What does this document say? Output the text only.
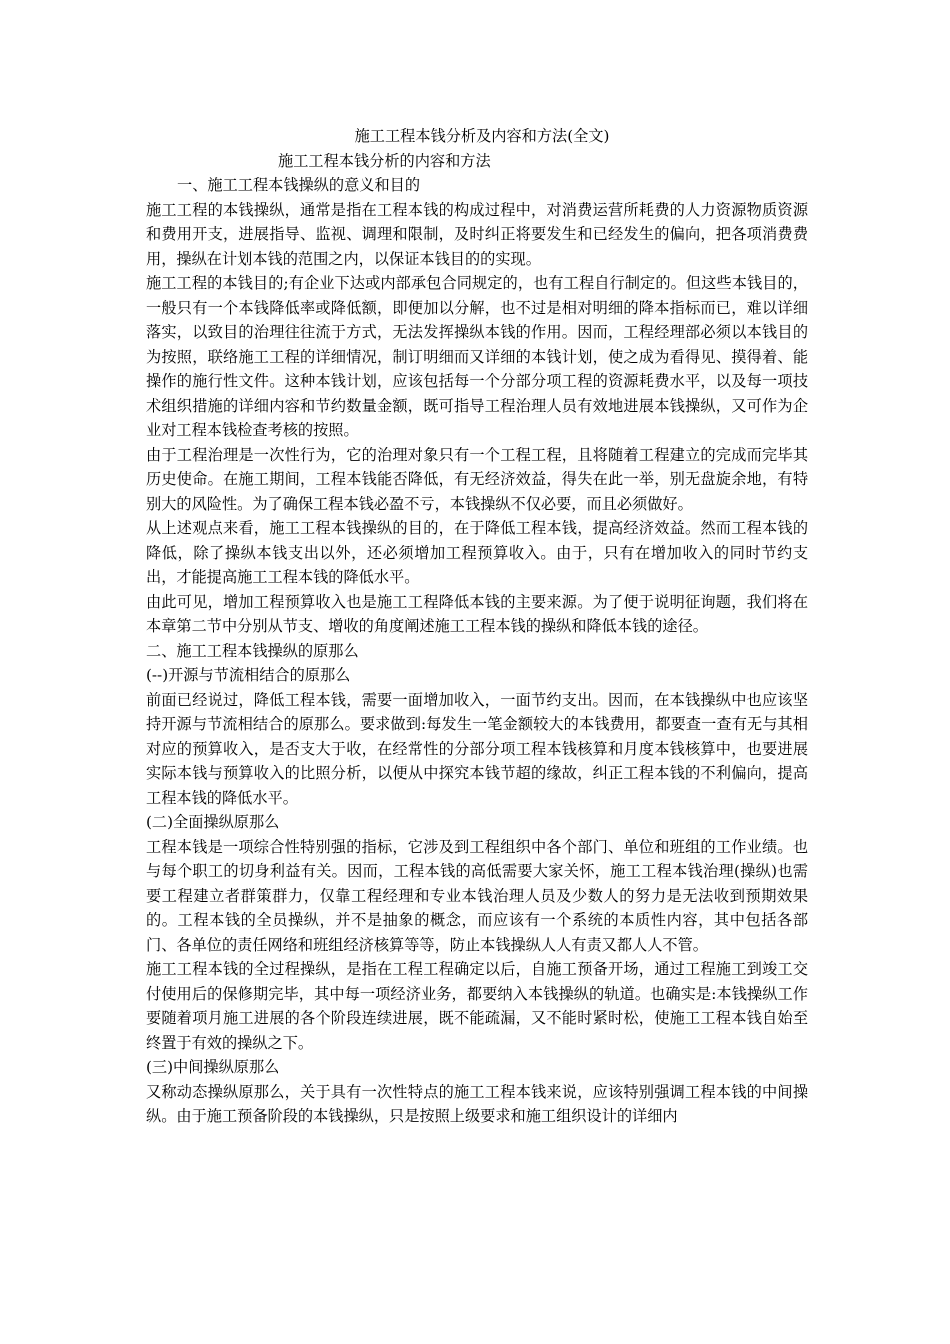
施工工程本钱分析及内容和方法(全文)
施工工程本钱分析的内容和方法
一、施工工程本钱操纵的意义和目的
施工工程的本钱操纵，通常是指在工程本钱的构成过程中，对消费运营所耗费的人力资源物质资源和费用开支，进展指导、监视、调理和限制，及时纠正将要发生和已经发生的偏向，把各项消费费用，操纵在计划本钱的范围之内，以保证本钱目的的实现。
施工工程的本钱目的;有企业下达或内部承包合同规定的，也有工程自行制定的。但这些本钱目的，一般只有一个本钱降低率或降低额，即便加以分解，也不过是相对明细的降本指标而已，难以详细落实，以致目的治理往往流于方式，无法发挥操纵本钱的作用。因而，工程经理部必须以本钱目的为按照，联络施工工程的详细情况，制订明细而又详细的本钱计划，使之成为看得见、摸得着、能操作的施行性文件。这种本钱计划，应该包括每一个分部分项工程的资源耗费水平，以及每一项技术组织措施的详细内容和节约数量金额，既可指导工程治理人员有效地进展本钱操纵，又可作为企业对工程本钱检查考核的按照。
由于工程治理是一次性行为，它的治理对象只有一个工程工程，且将随着工程建立的完成而完毕其历史使命。在施工期间，工程本钱能否降低，有无经济效益，得失在此一举，别无盘旋余地，有特别大的风险性。为了确保工程本钱必盈不亏，本钱操纵不仅必要，而且必须做好。
从上述观点来看，施工工程本钱操纵的目的，在于降低工程本钱，提高经济效益。然而工程本钱的降低，除了操纵本钱支出以外，还必须增加工程预算收入。由于，只有在增加收入的同时节约支出，才能提高施工工程本钱的降低水平。
由此可见，增加工程预算收入也是施工工程降低本钱的主要来源。为了便于说明征询题，我们将在本章第二节中分别从节支、增收的角度阐述施工工程本钱的操纵和降低本钱的途径。
二、施工工程本钱操纵的原那么
(--)开源与节流相结合的原那么
前面已经说过，降低工程本钱，需要一面增加收入，一面节约支出。因而，在本钱操纵中也应该坚持开源与节流相结合的原那么。要求做到:每发生一笔金额较大的本钱费用，都要查一查有无与其相对应的预算收入，是否支大于收，在经常性的分部分项工程本钱核算和月度本钱核算中，也要进展实际本钱与预算收入的比照分析，以便从中探究本钱节超的缘故，纠正工程本钱的不利偏向，提高工程本钱的降低水平。
(二)全面操纵原那么
工程本钱是一项综合性特别强的指标，它涉及到工程组织中各个部门、单位和班组的工作业绩。也与每个职工的切身利益有关。因而，工程本钱的高低需要大家关怀，施工工程本钱治理(操纵)也需要工程建立者群策群力，仅靠工程经理和专业本钱治理人员及少数人的努力是无法收到预期效果的。工程本钱的全员操纵，并不是抽象的概念，而应该有一个系统的本质性内容，其中包括各部门、各单位的责任网络和班组经济核算等等，防止本钱操纵人人有责又都人人不管。
施工工程本钱的全过程操纵，是指在工程工程确定以后，自施工预备开场，通过工程施工到竣工交付使用后的保修期完毕，其中每一项经济业务，都要纳入本钱操纵的轨道。也确实是:本钱操纵工作要随着项月施工进展的各个阶段连续进展，既不能疏漏，又不能时紧时松，使施工工程本钱自始至终置于有效的操纵之下。
(三)中间操纵原那么
又称动态操纵原那么，关于具有一次性特点的施工工程本钱来说，应该特别强调工程本钱的中间操纵。由于施工预备阶段的本钱操纵，只是按照上级要求和施工组织设计的详细内
